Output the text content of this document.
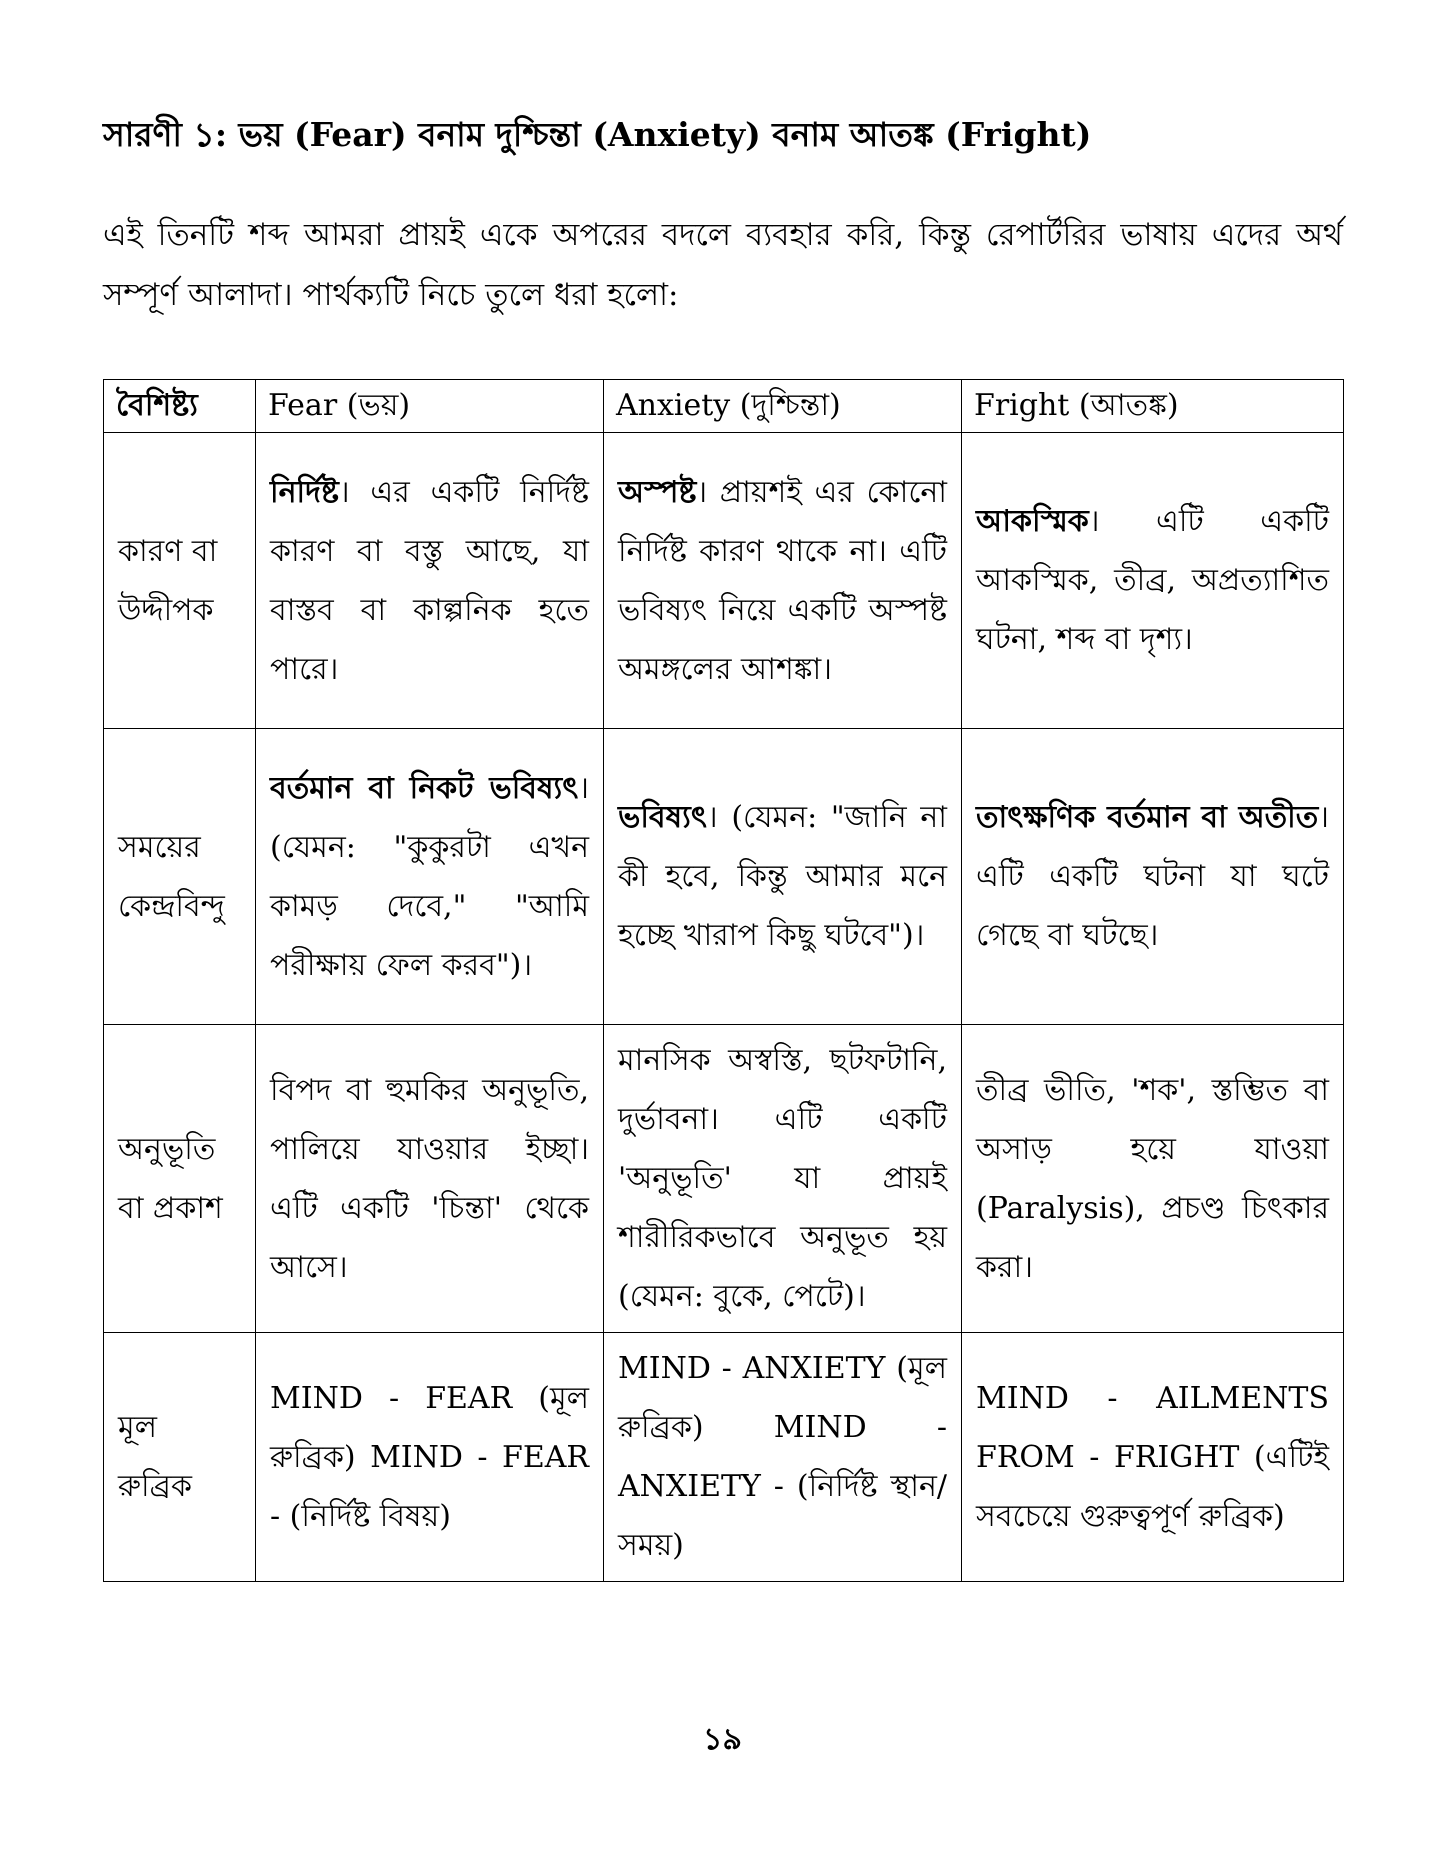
সারণী ১: ভয় (Fear) বনাম দুশ্চিন্তা (Anxiety) বনাম আতঙ্ক (Fright)
এই তিনটি শব্দ আমরা প্রায়ই একে অপরের বদলে ব্যবহার করি, কিন্তু রেপার্টরির ভাষায় এদের অর্থ সম্পূর্ণ আলাদা। পার্থক্যটি নিচে তুলে ধরা হলো:
বৈশিষ্ট্য	Fear (ভয়)	Anxiety (দুশ্চিন্তা)	Fright (আতঙ্ক)

কারণ বা
উদ্দীপক	নির্দিষ্ট। এর একটি নির্দিষ্ট কারণ বা বস্তু আছে, যা বাস্তব বা কাল্পনিক হতে পারে।	অস্পষ্ট। প্রায়শই এর কোনো নির্দিষ্ট কারণ থাকে না। এটি ভবিষ্যৎ নিয়ে একটি অস্পষ্ট অমঙ্গলের আশঙ্কা।	আকস্মিক। এটি একটি আকস্মিক, তীব্র, অপ্রত্যাশিত ঘটনা, শব্দ বা দৃশ্য।

সময়ের
কেন্দ্রবিন্দু	বর্তমান বা নিকট ভবিষ্যৎ। (যেমন: "কুকুরটা এখন কামড় দেবে," "আমি পরীক্ষায় ফেল করব")।	ভবিষ্যৎ। (যেমন: "জানি না কী হবে, কিন্তু আমার মনে হচ্ছে খারাপ কিছু ঘটবে")।	তাৎক্ষণিক বর্তমান বা অতীত। এটি একটি ঘটনা যা ঘটে গেছে বা ঘটছে।

অনুভূতি
বা প্রকাশ	বিপদ বা হুমকির অনুভূতি, পালিয়ে যাওয়ার ইচ্ছা। এটি একটি 'চিন্তা' থেকে আসে।	মানসিক অস্বস্তি, ছটফটানি, দুর্ভাবনা। এটি একটি 'অনুভূতি' যা প্রায়ই শারীরিকভাবে অনুভূত হয় (যেমন: বুকে, পেটে)।	তীব্র ভীতি, 'শক', স্তম্ভিত বা অসাড় হয়ে যাওয়া (Paralysis), প্রচণ্ড চিৎকার করা।

মূল
রুব্রিক	MIND - FEAR (মূল রুব্রিক) MIND - FEAR - (নির্দিষ্ট বিষয়)	MIND - ANXIETY (মূল রুব্রিক) MIND - ANXIETY - (নির্দিষ্ট স্থান/সময়)	MIND - AILMENTS FROM - FRIGHT (এটিই সবচেয়ে গুরুত্বপূর্ণ রুব্রিক)
১৯
